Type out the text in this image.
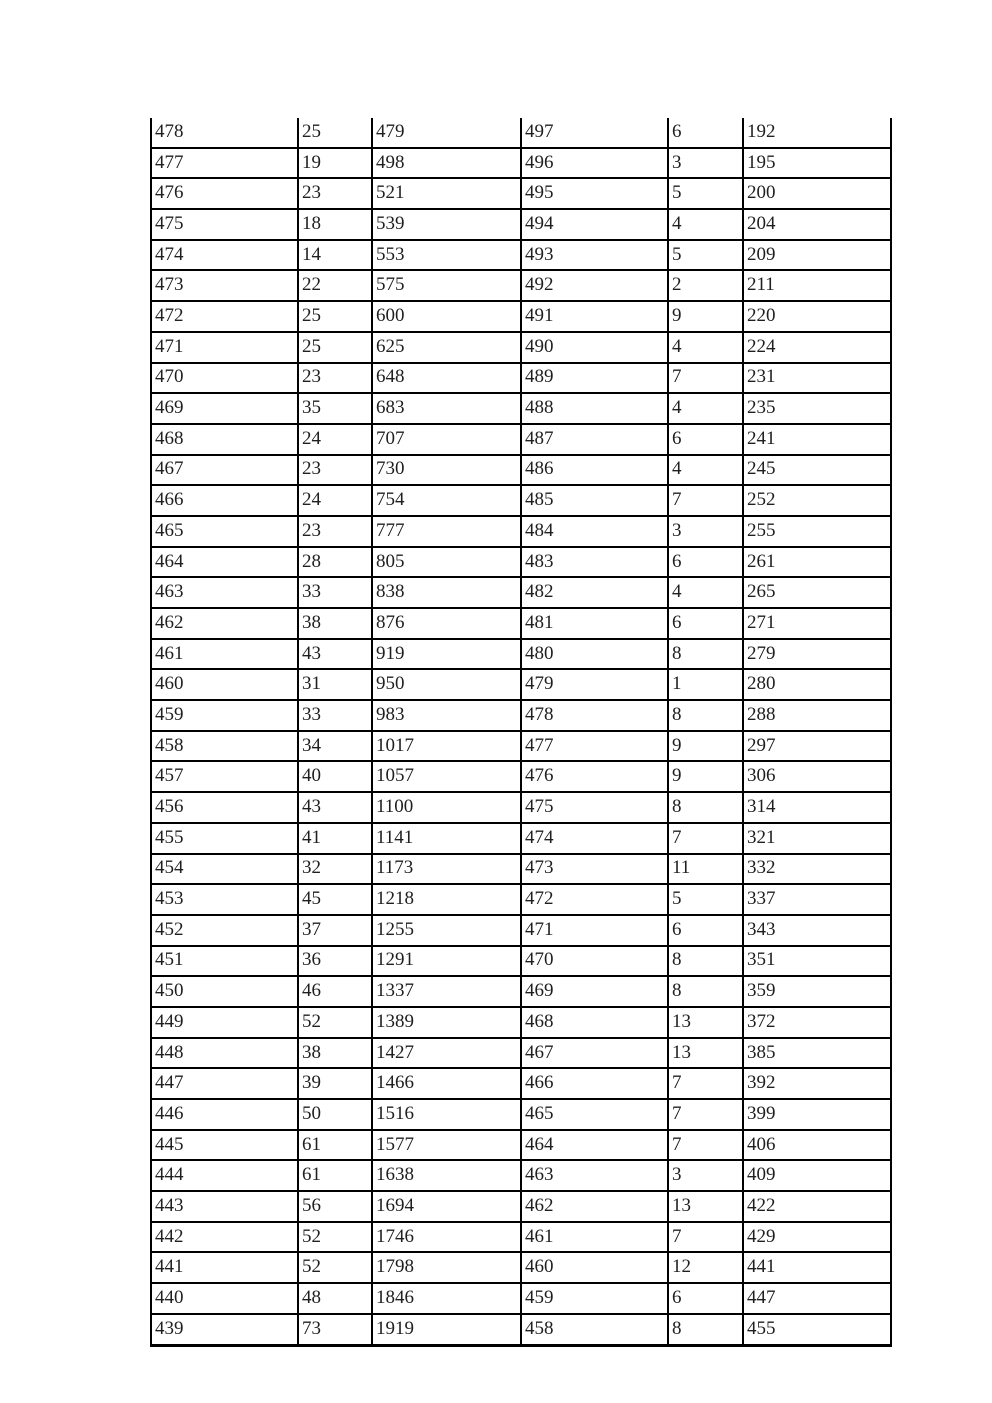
478	25	479	497	6	192
477	19	498	496	3	195
476	23	521	495	5	200
475	18	539	494	4	204
474	14	553	493	5	209
473	22	575	492	2	211
472	25	600	491	9	220
471	25	625	490	4	224
470	23	648	489	7	231
469	35	683	488	4	235
468	24	707	487	6	241
467	23	730	486	4	245
466	24	754	485	7	252
465	23	777	484	3	255
464	28	805	483	6	261
463	33	838	482	4	265
462	38	876	481	6	271
461	43	919	480	8	279
460	31	950	479	1	280
459	33	983	478	8	288
458	34	1017	477	9	297
457	40	1057	476	9	306
456	43	1100	475	8	314
455	41	1141	474	7	321
454	32	1173	473	11	332
453	45	1218	472	5	337
452	37	1255	471	6	343
451	36	1291	470	8	351
450	46	1337	469	8	359
449	52	1389	468	13	372
448	38	1427	467	13	385
447	39	1466	466	7	392
446	50	1516	465	7	399
445	61	1577	464	7	406
444	61	1638	463	3	409
443	56	1694	462	13	422
442	52	1746	461	7	429
441	52	1798	460	12	441
440	48	1846	459	6	447
439	73	1919	458	8	455
